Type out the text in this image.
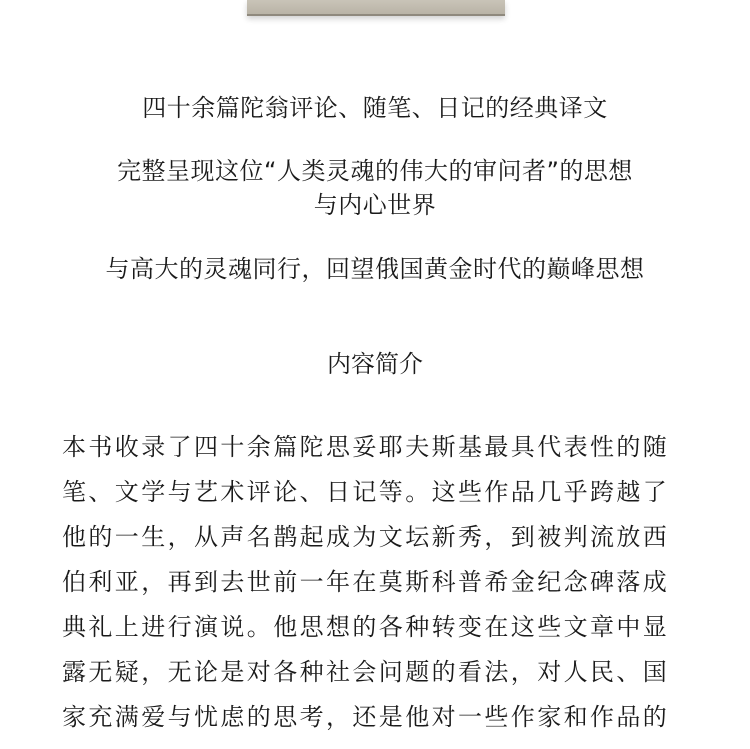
四十余篇陀翁评论、随笔、日记的经典译文
完整呈现这位“人类灵魂的伟大的审问者”的思想
与内心世界
与高大的灵魂同行，回望俄国黄金时代的巅峰思想
内容简介
本书收录了四十余篇陀思妥耶夫斯基最具代表性的随
笔、文学与艺术评论、日记等。这些作品几乎跨越了
他的一生，从声名鹊起成为文坛新秀，到被判流放西
伯利亚，再到去世前一年在莫斯科普希金纪念碑落成
典礼上进行演说。他思想的各种转变在这些文章中显
露无疑，无论是对各种社会问题的看法，对人民、国
家充满爱与忧虑的思考，还是他对一些作家和作品的
